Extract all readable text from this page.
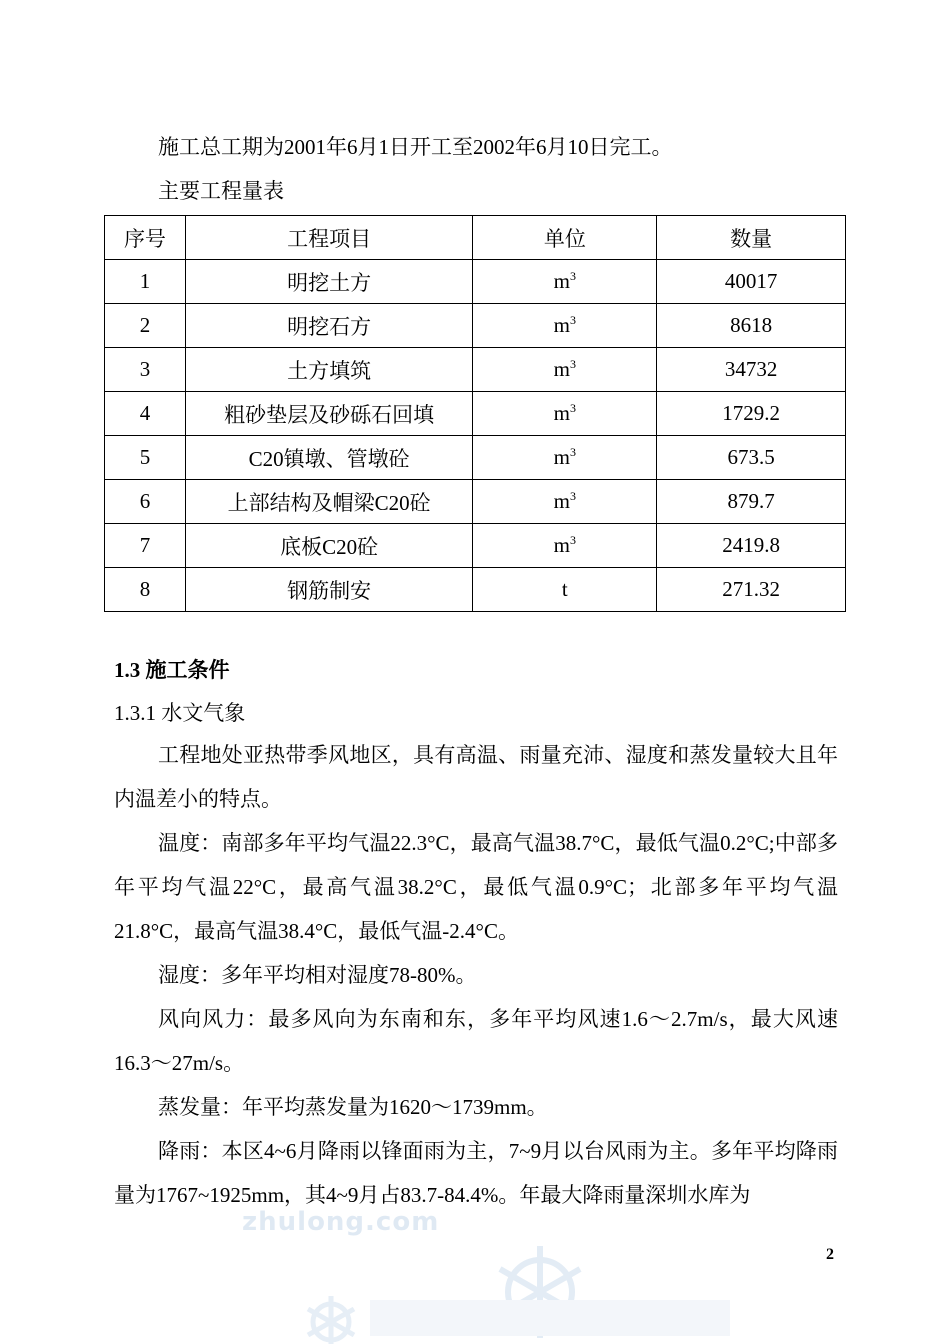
施工总工期为2001年6月1日开工至2002年6月10日完工。

主要工程量表

序号	工程项目	单位	数量
1	明挖土方	$m^3$	40017
2	明挖石方	$m^3$	8618
3	土方填筑	$m^3$	34732
4	粗砂垫层及砂砾石回填	$m^3$	1729.2
5	C20镇墩、管墩砼	$m^3$	673.5
6	上部结构及帽梁C20砼	$m^3$	879.7
7	底板C20砼	$m^3$	2419.8
8	钢筋制安	t	271.32

1.3 施工条件

1.3.1 水文气象

工程地处亚热带季风地区，具有高温、雨量充沛、湿度和蒸发量较大且年内温差小的特点。

温度：南部多年平均气温22.3°C，最高气温38.7°C，最低气温0.2°C;中部多年平均气温22°C，最高气温38.2°C，最低气温0.9°C；北部多年平均气温21.8°C，最高气温38.4°C，最低气温-2.4°C。

湿度：多年平均相对湿度78-80%。

风向风力：最多风向为东南和东，多年平均风速1.6～2.7m/s，最大风速16.3～27m/s。

蒸发量：年平均蒸发量为1620～1739mm。

降雨：本区4~6月降雨以锋面雨为主，7~9月以台风雨为主。多年平均降雨量为1767~1925mm，其4~9月占83.7-84.4%。年最大降雨量深圳水库为

2
zhulong.com
